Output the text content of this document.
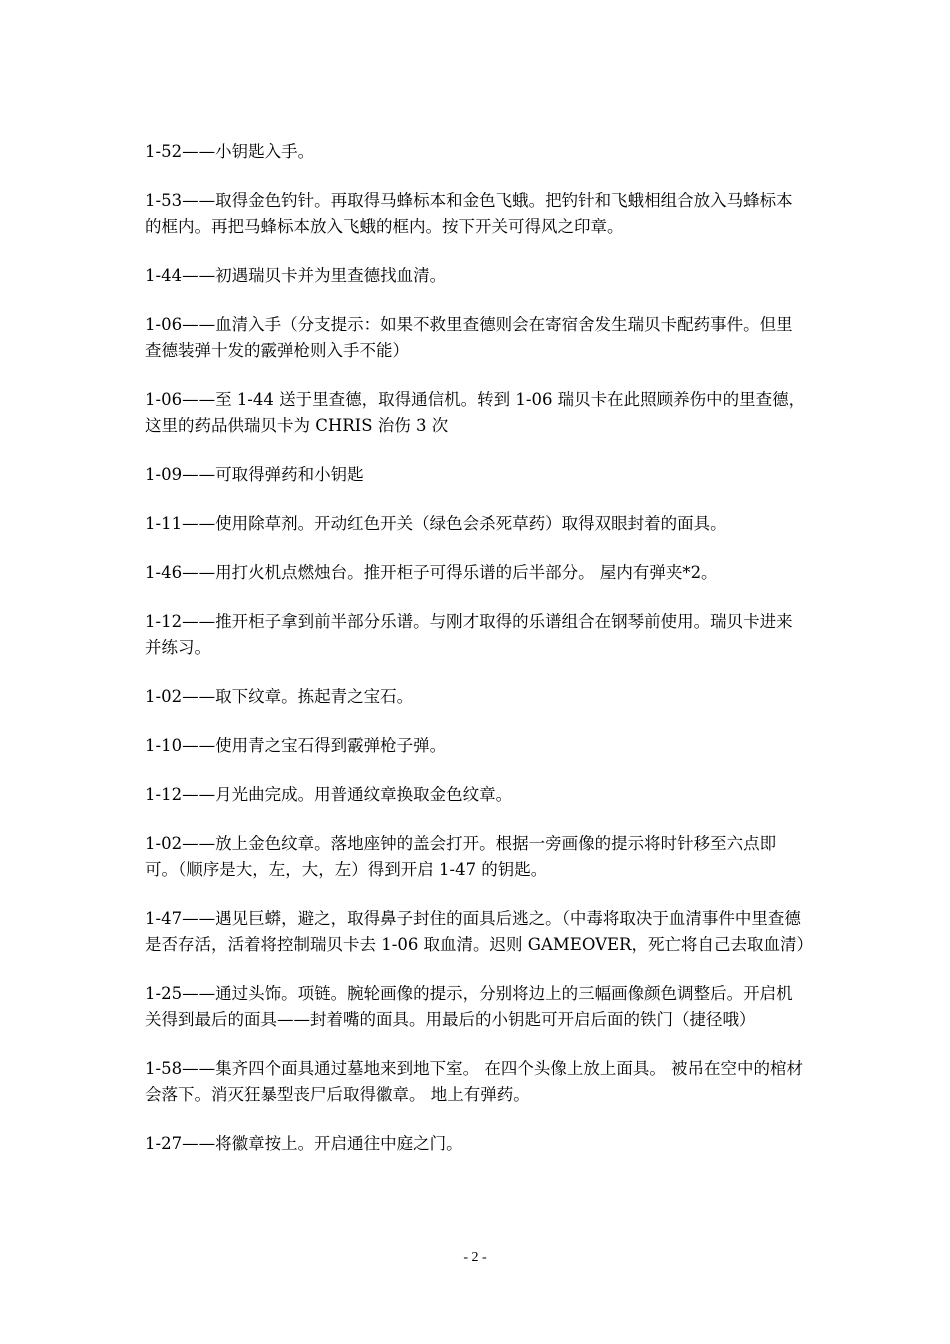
1-52——小钥匙入手。

1-53——取得金色钓针。再取得马蜂标本和金色飞蛾。把钓针和飞蛾相组合放入马蜂标本的框内。再把马蜂标本放入飞蛾的框内。按下开关可得风之印章。

1-44——初遇瑞贝卡并为里查德找血清。

1-06——血清入手（分支提示：如果不救里查德则会在寄宿舍发生瑞贝卡配药事件。但里查德装弹十发的霰弹枪则入手不能）

1-06——至 1-44 送于里查德，取得通信机。转到 1-06 瑞贝卡在此照顾养伤中的里查德，这里的药品供瑞贝卡为 CHRIS 治伤 3 次

1-09——可取得弹药和小钥匙

1-11——使用除草剂。开动红色开关（绿色会杀死草药）取得双眼封着的面具。

1-46——用打火机点燃烛台。推开柜子可得乐谱的后半部分。 屋内有弹夹*2。

1-12——推开柜子拿到前半部分乐谱。与刚才取得的乐谱组合在钢琴前使用。瑞贝卡进来并练习。

1-02——取下纹章。拣起青之宝石。

1-10——使用青之宝石得到霰弹枪子弹。

1-12——月光曲完成。用普通纹章换取金色纹章。

1-02——放上金色纹章。落地座钟的盖会打开。根据一旁画像的提示将时针移至六点即可。（顺序是大，左，大，左）得到开启 1-47 的钥匙。

1-47——遇见巨蟒，避之，取得鼻子封住的面具后逃之。（中毒将取决于血清事件中里查德是否存活，活着将控制瑞贝卡去 1-06 取血清。迟则 GAMEOVER，死亡将自己去取血清）

1-25——通过头饰。项链。腕轮画像的提示，分别将边上的三幅画像颜色调整后。开启机关得到最后的面具——封着嘴的面具。用最后的小钥匙可开启后面的铁门（捷径哦）

1-58——集齐四个面具通过墓地来到地下室。 在四个头像上放上面具。 被吊在空中的棺材会落下。消灭狂暴型丧尸后取得徽章。 地上有弹药。

1-27——将徽章按上。开启通往中庭之门。

- 2 -
